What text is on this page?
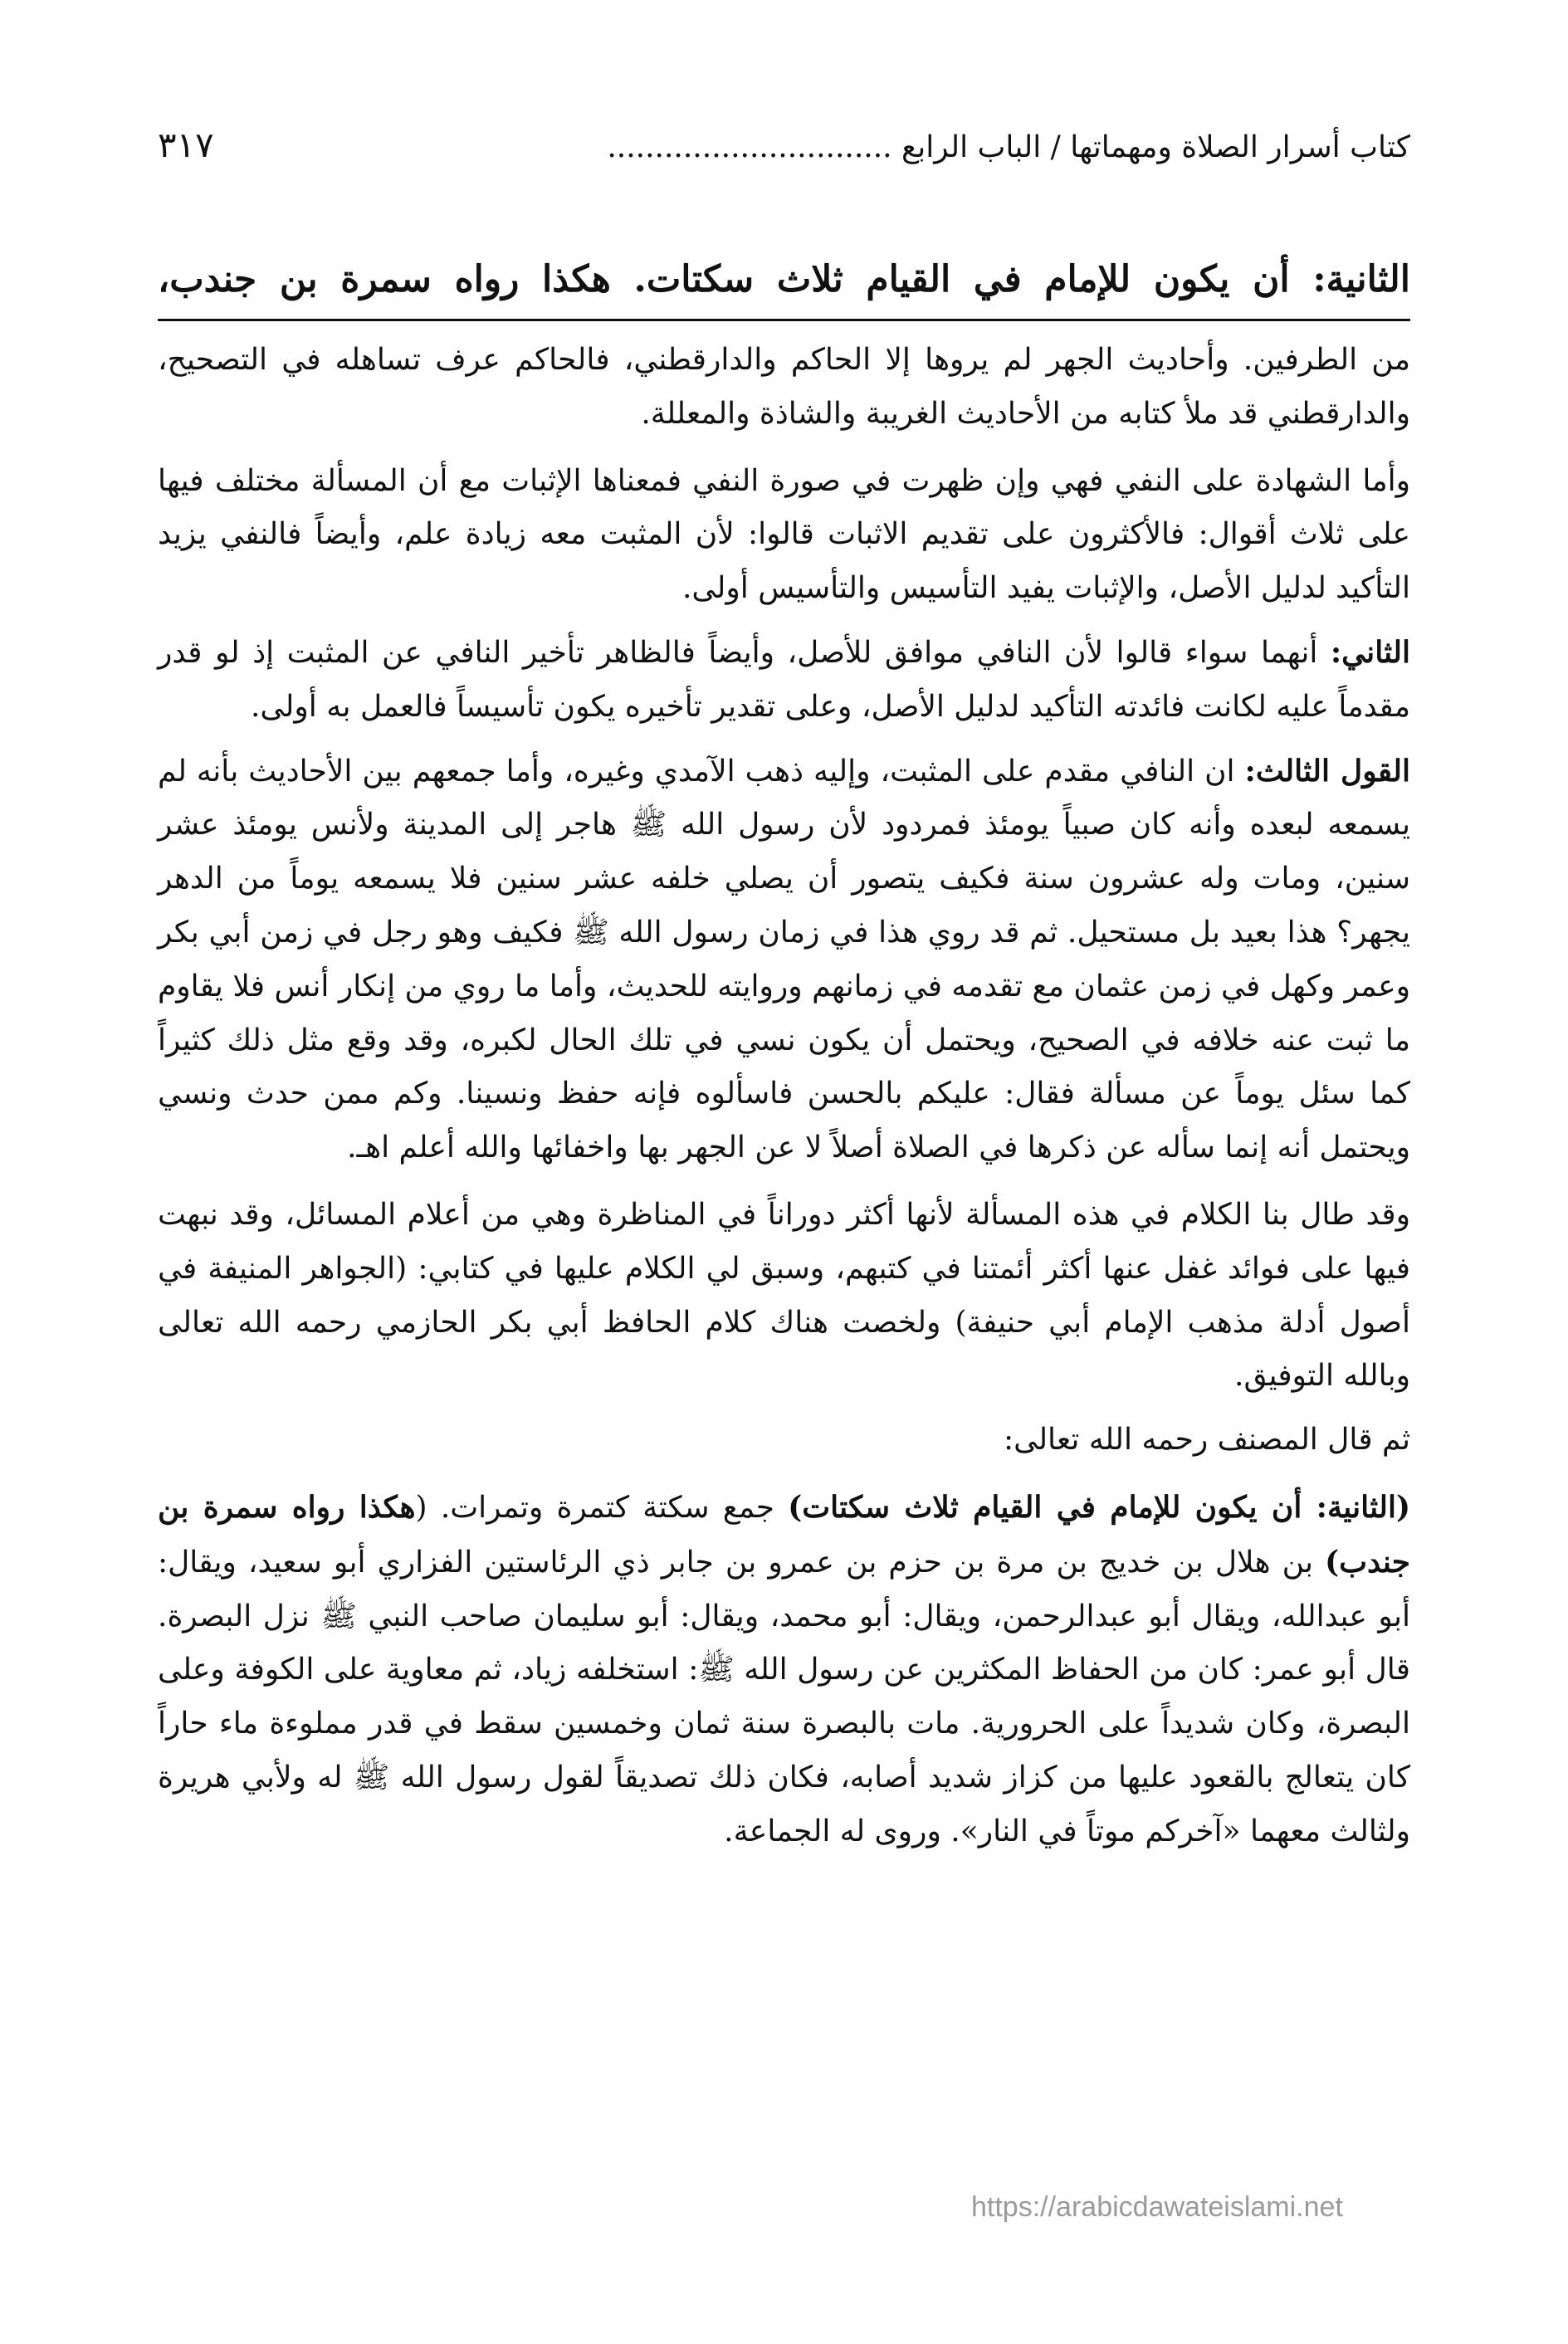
كتاب أسرار الصلاة ومهماتها / الباب الرابع ..............................
٣١٧
الثانية: أن يكون للإمام في القيام ثلاث سكتات. هكذا رواه سمرة بن جندب،

من الطرفين. وأحاديث الجهر لم يروها إلا الحاكم والدارقطني، فالحاكم عرف تساهله في التصحيح، والدارقطني قد ملأ كتابه من الأحاديث الغريبة والشاذة والمعللة.

وأما الشهادة على النفي فهي وإن ظهرت في صورة النفي فمعناها الإثبات مع أن المسألة مختلف فيها على ثلاث أقوال: فالأكثرون على تقديم الاثبات قالوا: لأن المثبت معه زيادة علم، وأيضاً فالنفي يزيد التأكيد لدليل الأصل، والإثبات يفيد التأسيس والتأسيس أولى.

الثاني: أنهما سواء قالوا لأن النافي موافق للأصل، وأيضاً فالظاهر تأخير النافي عن المثبت إذ لو قدر مقدماً عليه لكانت فائدته التأكيد لدليل الأصل، وعلى تقدير تأخيره يكون تأسيساً فالعمل به أولى.

القول الثالث: ان النافي مقدم على المثبت، وإليه ذهب الآمدي وغيره، وأما جمعهم بين الأحاديث بأنه لم يسمعه لبعده وأنه كان صبياً يومئذ فمردود لأن رسول الله ﷺ هاجر إلى المدينة ولأنس يومئذ عشر سنين، ومات وله عشرون سنة فكيف يتصور أن يصلي خلفه عشر سنين فلا يسمعه يوماً من الدهر يجهر؟ هذا بعيد بل مستحيل. ثم قد روي هذا في زمان رسول الله ﷺ فكيف وهو رجل في زمن أبي بكر وعمر وكهل في زمن عثمان مع تقدمه في زمانهم وروايته للحديث، وأما ما روي من إنكار أنس فلا يقاوم ما ثبت عنه خلافه في الصحيح، ويحتمل أن يكون نسي في تلك الحال لكبره، وقد وقع مثل ذلك كثيراً كما سئل يوماً عن مسألة فقال: عليكم بالحسن فاسألوه فإنه حفظ ونسينا. وكم ممن حدث ونسي ويحتمل أنه إنما سأله عن ذكرها في الصلاة أصلاً لا عن الجهر بها واخفائها والله أعلم اهـ.

وقد طال بنا الكلام في هذه المسألة لأنها أكثر دوراناً في المناظرة وهي من أعلام المسائل، وقد نبهت فيها على فوائد غفل عنها أكثر أئمتنا في كتبهم، وسبق لي الكلام عليها في كتابي: (الجواهر المنيفة في أصول أدلة مذهب الإمام أبي حنيفة) ولخصت هناك كلام الحافظ أبي بكر الحازمي رحمه الله تعالى وبالله التوفيق.

ثم قال المصنف رحمه الله تعالى:

(الثانية: أن يكون للإمام في القيام ثلاث سكتات) جمع سكتة كتمرة وتمرات. (هكذا رواه سمرة بن جندب) بن هلال بن خديج بن مرة بن حزم بن عمرو بن جابر ذي الرئاستين الفزاري أبو سعيد، ويقال: أبو عبدالله، ويقال أبو عبدالرحمن، ويقال: أبو محمد، ويقال: أبو سليمان صاحب النبي ﷺ نزل البصرة. قال أبو عمر: كان من الحفاظ المكثرين عن رسول الله ﷺ: استخلفه زياد، ثم معاوية على الكوفة وعلى البصرة، وكان شديداً على الحرورية. مات بالبصرة سنة ثمان وخمسين سقط في قدر مملوءة ماء حاراً كان يتعالج بالقعود عليها من كزاز شديد أصابه، فكان ذلك تصديقاً لقول رسول الله ﷺ له ولأبي هريرة ولثالث معهما «آخركم موتاً في النار». وروى له الجماعة.

https://arabicdawateislami.net
